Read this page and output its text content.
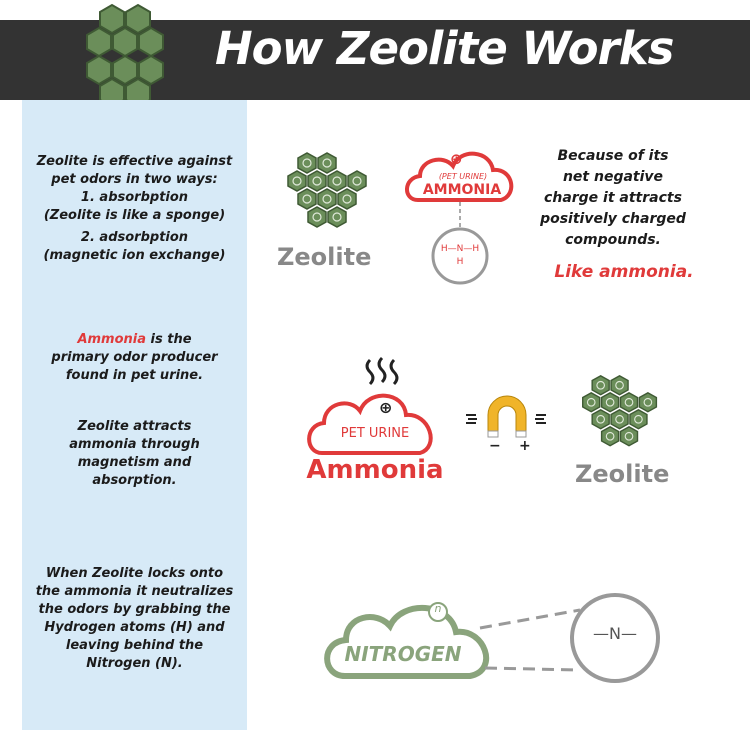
How Zeolite Works

Zeolite is effective against

pet odors in two ways:

1. absorbption

(Zeolite is like a sponge)

2. adsorbption

(magnetic ion exchange)

Ammonia is the

primary odor producer

found in pet urine.

Zeolite attracts

ammonia through

magnetism and

absorption.

When Zeolite locks onto

the ammonia it neutralizes

the odors by grabbing the

Hydrogen atoms (H) and

leaving behind the

Nitrogen (N).

Zeolite
⊕
(PET URINE)
AMMONIA
H—N—H
H
Because of its
net negative
charge it attracts
positively charged
compounds.
Like ammonia.
⊕
PET URINE
Ammonia
− +
Zeolite
n
NITROGEN
—N—
